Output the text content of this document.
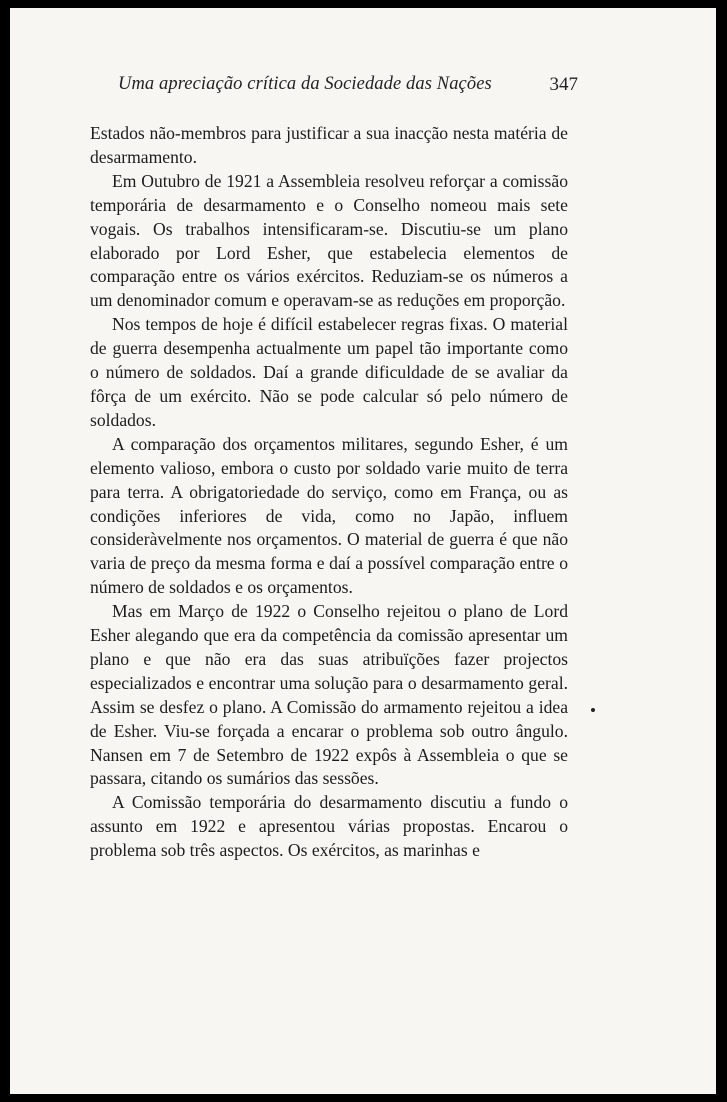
Uma apreciação crítica da Sociedade das Nações	347

Estados não-membros para justificar a sua inacção nesta matéria de desarmamento.

Em Outubro de 1921 a Assembleia resolveu reforçar a comissão temporária de desarmamento e o Conselho nomeou mais sete vogais. Os trabalhos intensificaram-se. Discutiu-se um plano elaborado por Lord Esher, que estabelecia elementos de comparação entre os vários exércitos. Reduziam-se os números a um denominador comum e operavam-se as reduções em proporção.

Nos tempos de hoje é difícil estabelecer regras fixas. O material de guerra desempenha actualmente um papel tão importante como o número de soldados. Daí a grande dificuldade de se avaliar da fôrça de um exército. Não se pode calcular só pelo número de soldados.

A comparação dos orçamentos militares, segundo Esher, é um elemento valioso, embora o custo por soldado varie muito de terra para terra. A obrigatoriedade do serviço, como em França, ou as condições inferiores de vida, como no Japão, influem consideràvelmente nos orçamentos. O material de guerra é que não varia de preço da mesma forma e daí a possível comparação entre o número de soldados e os orçamentos.

Mas em Março de 1922 o Conselho rejeitou o plano de Lord Esher alegando que era da competência da comissão apresentar um plano e que não era das suas atribuïções fazer projectos especializados e encontrar uma solução para o desarmamento geral. Assim se desfez o plano. A Comissão do armamento rejeitou a idea de Esher. Viu-se forçada a encarar o problema sob outro ângulo. Nansen em 7 de Setembro de 1922 expôs à Assembleia o que se passara, citando os sumários das sessões.

A Comissão temporária do desarmamento discutiu a fundo o assunto em 1922 e apresentou várias propostas. Encarou o problema sob três aspectos. Os exércitos, as marinhas e
